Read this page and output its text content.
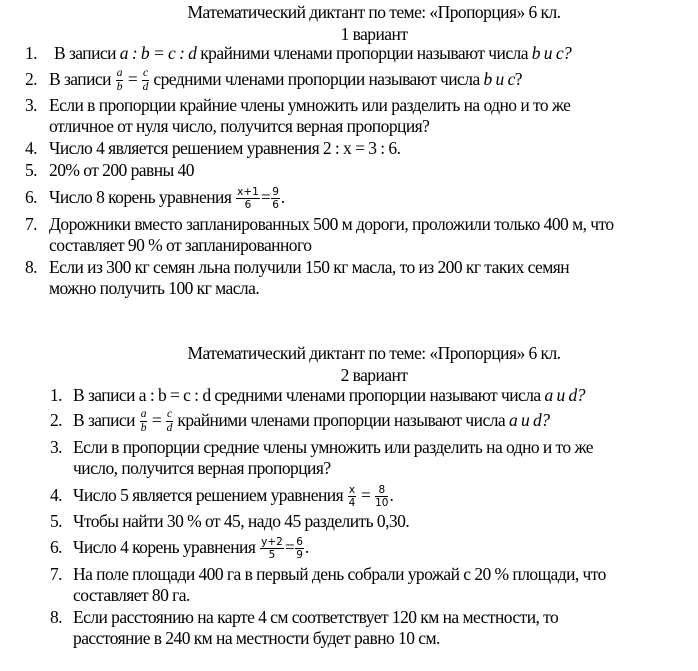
Математический диктант по теме: «Пропорция» 6 кл.
1 вариант
1. В записи a : b = c : d крайними членами пропорции называют числа b и c?
2. В записи $\frac{a}{b} = \frac{c}{d}$ средними членами пропорции называют числа b и c?
3. Если в пропорции крайние члены умножить или разделить на одно и то же
отличное от нуля число, получится верная пропорция?
4. Число 4 является решением уравнения 2 : х = 3 : 6.
5. 20% от 200 равны 40
6. Число 8 корень уравнения $\frac{x+1}{6} = \frac{9}{6}$ .
7. Дорожники вместо запланированных 500 м дороги, проложили только 400 м, что
составляет 90 % от запланированного
8. Если из 300 кг семян льна получили 150 кг масла, то из 200 кг таких семян
можно получить 100 кг масла.
Математический диктант по теме: «Пропорция» 6 кл.
2 вариант
1. В записи а : b = c : d средними членами пропорции называют числа a и d?
2. В записи $\frac{a}{b} = \frac{c}{d}$ крайними членами пропорции называют числа a и d?
3. Если в пропорции средние члены умножить или разделить на одно и то же
число, получится верная пропорция?
4. Число 5 является решением уравнения $\frac{x}{4} = \frac{8}{10}$ .
5. Чтобы найти 30 % от 45, надо 45 разделить 0,30.
6. Число 4 корень уравнения $\frac{y+2}{5} = \frac{6}{9}$ .
7. На поле площади 400 га в первый день собрали урожай с 20 % площади, что
составляет 80 га.
8. Если расстоянию на карте 4 см соответствует 120 км на местности, то
расстояние в 240 км на местности будет равно 10 см.
